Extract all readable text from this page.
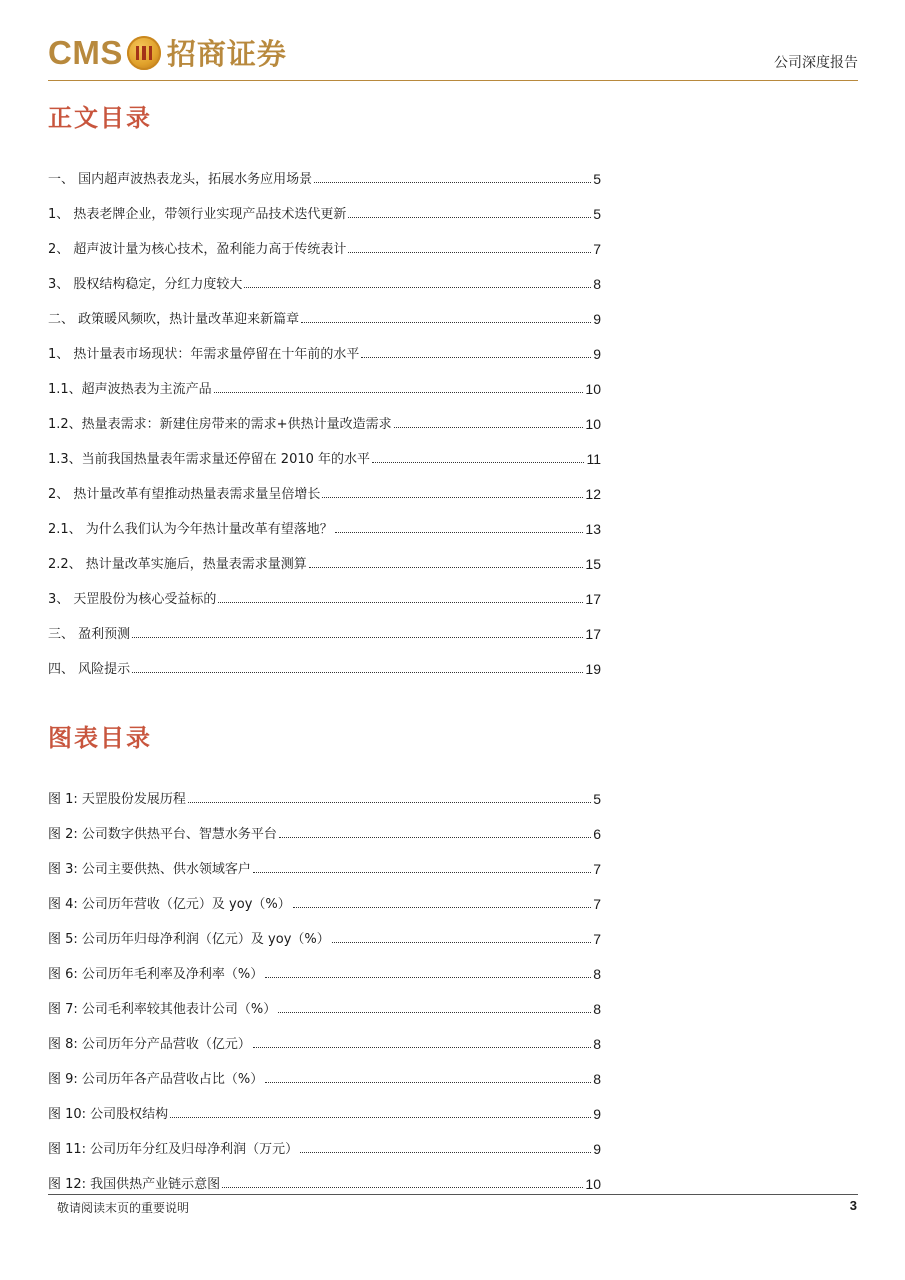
CMS 招商证券	公司深度报告
正文目录
一、 国内超声波热表龙头，拓展水务应用场景	5
1、 热表老牌企业，带领行业实现产品技术迭代更新	5
2、 超声波计量为核心技术，盈利能力高于传统表计	7
3、 股权结构稳定，分红力度较大	8
二、 政策暖风频吹，热计量改革迎来新篇章	9
1、 热计量表市场现状：年需求量停留在十年前的水平	9
1.1、超声波热表为主流产品	10
1.2、热量表需求：新建住房带来的需求+供热计量改造需求	10
1.3、当前我国热量表年需求量还停留在 2010 年的水平	11
2、 热计量改革有望推动热量表需求量呈倍增长	12
2.1、 为什么我们认为今年热计量改革有望落地？	13
2.2、 热计量改革实施后，热量表需求量测算	15
3、 天罡股份为核心受益标的	17
三、 盈利预测	17
四、 风险提示	19
图表目录
图 1: 天罡股份发展历程	5
图 2: 公司数字供热平台、智慧水务平台	6
图 3: 公司主要供热、供水领域客户	7
图 4: 公司历年营收（亿元）及 yoy（%）	7
图 5: 公司历年归母净利润（亿元）及 yoy（%）	7
图 6: 公司历年毛利率及净利率（%）	8
图 7: 公司毛利率较其他表计公司（%）	8
图 8: 公司历年分产品营收（亿元）	8
图 9: 公司历年各产品营收占比（%）	8
图 10: 公司股权结构	9
图 11: 公司历年分红及归母净利润（万元）	9
图 12: 我国供热产业链示意图	10
敬请阅读末页的重要说明	3
